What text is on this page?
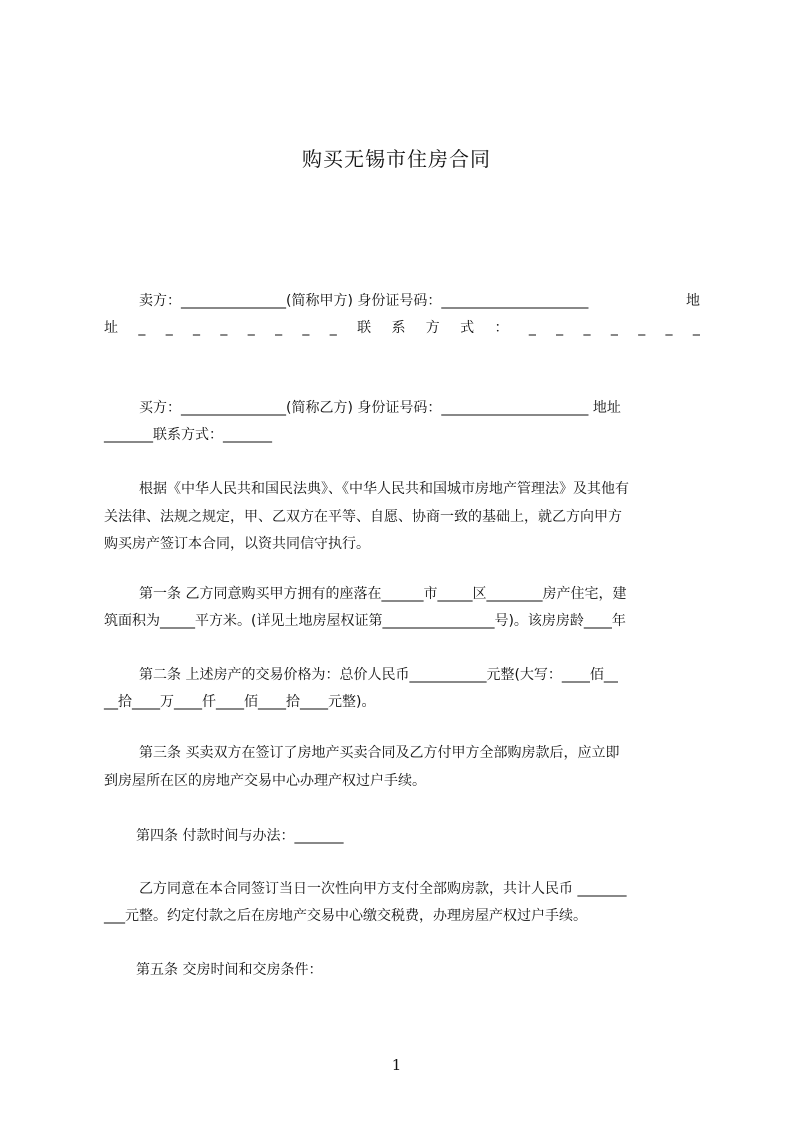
购买无锡市住房合同
卖方：_______________(简称甲方) 身份证号码：_____________________	地
址 _ _ _ _ _ _ _ _ 联 系 方 式 ： _ _ _ _ _ _ _
买方：_______________(简称乙方) 身份证号码：_____________________ 地址
_______联系方式：_______
根据《中华人民共和国民法典》、《中华人民共和国城市房地产管理法》及其他有
关法律、法规之规定，甲、乙双方在平等、自愿、协商一致的基础上，就乙方向甲方
购买房产签订本合同，以资共同信守执行。
第一条 乙方同意购买甲方拥有的座落在______市_____区________房产住宅，建
筑面积为_____平方米。(详见土地房屋权证第________________号)。该房房龄____年
第二条 上述房产的交易价格为：总价人民币___________元整(大写：____佰__
__拾____万____仟____佰____拾____元整)。
第三条 买卖双方在签订了房地产买卖合同及乙方付甲方全部购房款后，应立即
到房屋所在区的房地产交易中心办理产权过户手续。
第四条 付款时间与办法：_______
乙方同意在本合同签订当日一次性向甲方支付全部购房款，共计人民币 _______
___元整。约定付款之后在房地产交易中心缴交税费，办理房屋产权过户手续。
第五条 交房时间和交房条件：
1
